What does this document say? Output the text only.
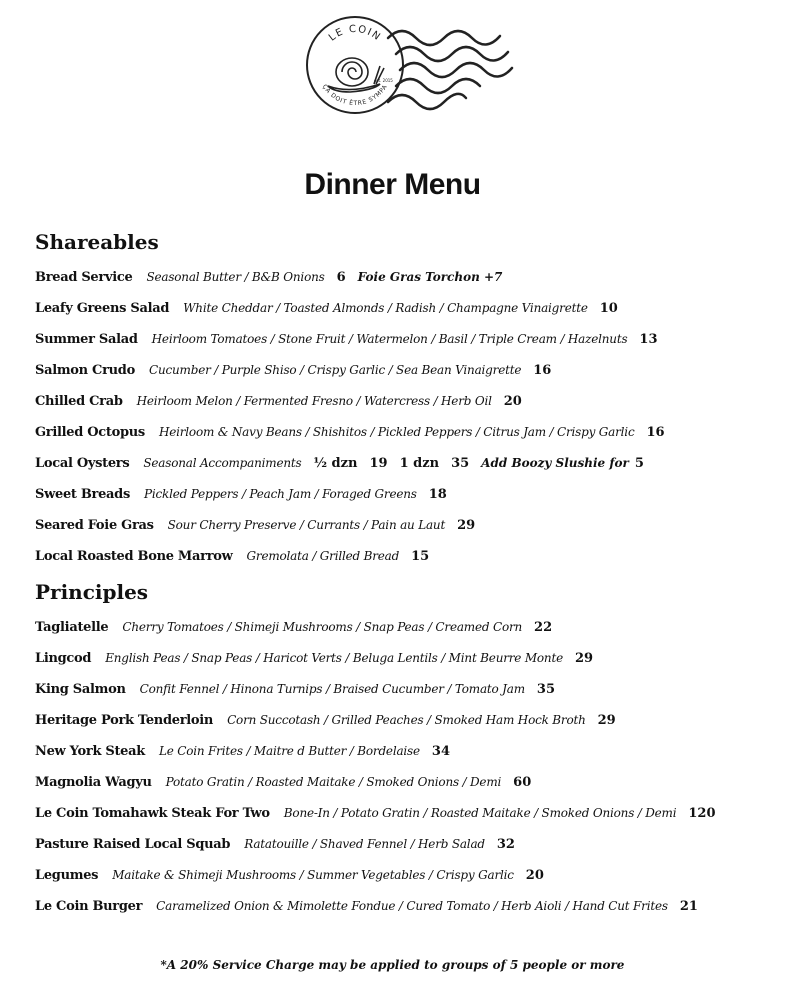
LE COIN
ÇA DOIT ÊTRE SYMPA
est. 2015
Dinner Menu
Shareables
Bread Service Seasonal Butter / B&B Onions 6 Foie Gras Torchon +7
Leafy Greens Salad White Cheddar / Toasted Almonds / Radish / Champagne Vinaigrette 10
Summer Salad Heirloom Tomatoes / Stone Fruit / Watermelon / Basil / Triple Cream / Hazelnuts 13
Salmon Crudo Cucumber / Purple Shiso / Crispy Garlic / Sea Bean Vinaigrette 16
Chilled Crab Heirloom Melon / Fermented Fresno / Watercress / Herb Oil 20
Grilled Octopus Heirloom & Navy Beans / Shishitos / Pickled Peppers / Citrus Jam / Crispy Garlic 16
Local Oysters Seasonal Accompaniments ½ dzn 19 1 dzn 35 Add Boozy Slushie for 5
Sweet Breads Pickled Peppers / Peach Jam / Foraged Greens 18
Seared Foie Gras Sour Cherry Preserve / Currants / Pain au Laut 29
Local Roasted Bone Marrow Gremolata / Grilled Bread 15
Principles
Tagliatelle Cherry Tomatoes / Shimeji Mushrooms / Snap Peas / Creamed Corn 22
Lingcod English Peas / Snap Peas / Haricot Verts / Beluga Lentils / Mint Beurre Monte 29
King Salmon Confit Fennel / Hinona Turnips / Braised Cucumber / Tomato Jam 35
Heritage Pork Tenderloin Corn Succotash / Grilled Peaches / Smoked Ham Hock Broth 29
New York Steak Le Coin Frites / Maitre d Butter / Bordelaise 34
Magnolia Wagyu Potato Gratin / Roasted Maitake / Smoked Onions / Demi 60
Le Coin Tomahawk Steak For Two Bone-In / Potato Gratin / Roasted Maitake / Smoked Onions / Demi 120
Pasture Raised Local Squab Ratatouille / Shaved Fennel / Herb Salad 32
Legumes Maitake & Shimeji Mushrooms / Summer Vegetables / Crispy Garlic 20
Le Coin Burger Caramelized Onion & Mimolette Fondue / Cured Tomato / Herb Aioli / Hand Cut Frites 21
*A 20% Service Charge may be applied to groups of 5 people or more
